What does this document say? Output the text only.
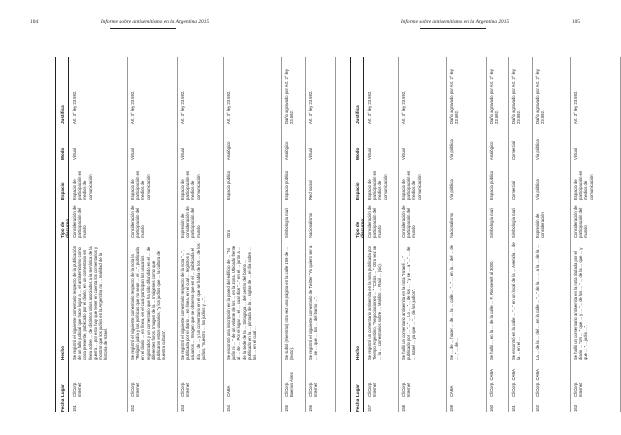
104	Informe sobre antisemitismo en la Argentina 2015
Fecha
Lugar
Hecho
Tipo de discurso
Espacio
Modo
Justifica
151
Cl/Corp. Internet
Se registró el siguiente comentario respecto de la publicación de un fallo judicial que hace lugar a ... el antisemitismo como cosa presente, publicado por el diario, en un comentario en línea sobre ... de distintos sitios asociados a la temática de la guerra ... por esto hay que tener en cuenta los comentarios y mostrar que los judíos en la Argentina no ... realidad de la historia de Israel.
Consideración de participación del mundo
Espacio de participación en medios de comunicación
Virtual
Art. 3° ley 23.592.
152
Cl/Corp. Internet
Se registró el siguiente comentario respecto de la nota la "Religión judía y las políticas que no sean ... el ...", publicada en el diario ... en línea, en el cual participan los usuarios registrados y un comentario que ha sido difundido en el ... de diferentes foros. Imagen de la ... Imágenes como que publicaron estos usuarios, "y los judíos que ... la cultura de nuestra cultura".
Consideración de participación del mundo
Espacio de participación en medios de comunicación
Virtual
Art. 3° ley 23.592.
153
Cl/Corp. Internet
Se registró el siguiente comentario respecto de la nota "...", publicada por el diario ... en línea, en el cual ... registros y usuarios ... Imagen que se observa que en el ... publicada el día ... de ... y un comentario en el que se habla de los ... de los judíos, "nuestro ... los judíos y ...".
Expresión de consideración de participación del mundo
Espacio de participación en medios de comunicación
Virtual
Art. 3° ley 23.592.
154
CABA
Se encontró una inscripción en la pared del edificio de ... "Ni judío ni ... " de un volante de los ... en la zona. Ubicado frente al ... de ... Por el lugar ... el ... cual dice "..." en el ... junto a ... de la sede de la ... Sinagoga ... del centro del barrio ... publicado en la ... pintada de la ... siglas de ... el día sobre ... los ... en el cual ...
Otro
Espacio público
Analógico
Art. 3° ley 23.592.
155
Cl/Corp. Buenos Aires
Se subió (mientras) otra vez una página en la calle 159 de ... (texto).
Simbología nazi
Espacio público
Analógico
Daño agravado por Art. 2° ley 23.592.
156
Cl/Corp. Internet
Se registró el siguiente comentario de Twitter "Yo quiero ver a ... se ... que ... los ... del barrio ...".
Nacionalismo
Red social
Virtual
Art. 3° ley 23.592.
Informe sobre antisemitismo en la Argentina 2015	105
Fecha
Lugar
Hecho
Tipo de discurso
Espacio
Modo
Justifica
157
Cl/Corp. Internet
Se registró un comentario antisemita en la nota publicada por Tiempo Argentino, "Negociaciones ... " "Crisis ... " Otra vez se ... la ... comentarios sobre ... Maldito ... Raúl ... (sic).
Consideración de participación del mundo
Espacio de participación en medios de comunicación
Virtual
Art. 3° ley 23.592.
158
Cl/Corp. Internet
Se halló un comentario antisemita en la nota "Israelí ... " publicado por ... "..." ... Lo ... "... de los ... " y se ... a "..." ... de ... Israel ... ya que ... "... de los judíos".
Consideración de participación del mundo
Espacio de participación en medios de comunicación
Virtual
Art. 3° ley 23.592.
159
CABA
Se ... de ... hacer ... de ... la ... calle ... "..." ... en la ... del ... de ... ," ... de ...
Nacionalismo
Vía pública
Vía pública
Daño agravado por Art. 2° ley 23.592.
160
Cl/Corp. CABA
Se halló ... en la ... de la calle ... F. Roosevelt al 3000.
Simbología nazi
Espacio público
Analógico
Daño agravado por Art. 2° ley 23.592.
161
Cl/Corp. CABA
Se encontró en la calle ... "..." en un local de la ... Avenida ... de la ... en el ...
Simbología nazi
Comercial
Comercial
Daño agravado por Art. 2° ley 23.592.
162
Cl/Corp. CABA
La ... de la ... del ... en la calle ... "..." de la ... ... a la ... de la ...
Expresión de consideración
Vía pública
Vía pública
Daño agravado por Art. 2° ley 23.592.
163
Cl/Corp. Internet
Se halló un comentario antisemita en la nota titulada por el diario ... "Un ... " que ... y ... "... de los ... " ... de la ... que ... y que ... "... judío ...".
Consideración de participación del mundo
Espacio de participación en medios de comunicación
Virtual
Art. 3° ley 23.592.
